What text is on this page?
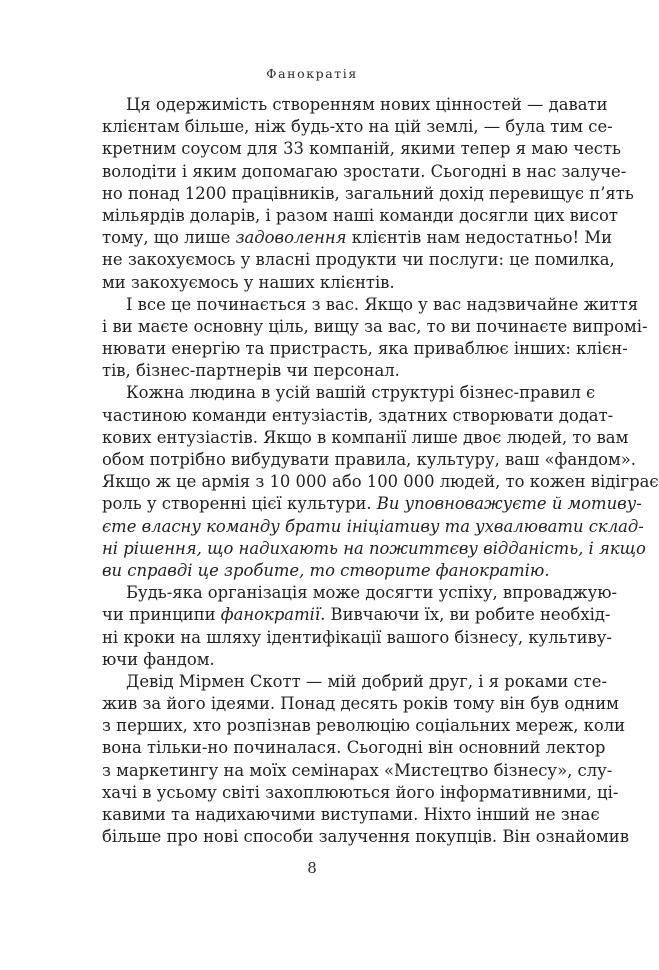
Фанократія
Ця одержимість створенням нових цінностей — давати
клієнтам більше, ніж будь-хто на цій землі, — була тим се-
кретним соусом для 33 компаній, якими тепер я маю честь
володіти і яким допомагаю зростати. Сьогодні в нас залуче-
но понад 1200 працівників, загальний дохід перевищує п’ять
мільярдів доларів, і разом наші команди досягли цих висот
тому, що лише задоволення клієнтів нам недостатньо! Ми
не закохуємось у власні продукти чи послуги: це помилка,
ми закохуємось у наших клієнтів.
І все це починається з вас. Якщо у вас надзвичайне життя
і ви маєте основну ціль, вищу за вас, то ви починаєте випромі-
нювати енергію та пристрасть, яка приваблює інших: клієн-
тів, бізнес-партнерів чи персонал.
Кожна людина в усій вашій структурі бізнес-правил є
частиною команди ентузіастів, здатних створювати додат-
кових ентузіастів. Якщо в компанії лише двоє людей, то вам
обом потрібно вибудувати правила, культуру, ваш «фандом».
Якщо ж це армія з 10 000 або 100 000 людей, то кожен відіграє
роль у створенні цієї культури. Ви уповноважуєте й мотиву-
єте власну команду брати ініціативу та ухвалювати склад-
ні рішення, що надихають на пожиттєву відданість, і якщо
ви справді це зробите, то створите фанократію.
Будь-яка організація може досягти успіху, впроваджую-
чи принципи фанократії. Вивчаючи їх, ви робите необхід-
ні кроки на шляху ідентифікації вашого бізнесу, культиву-
ючи фандом.
Девід Мірмен Скотт — мій добрий друг, і я роками сте-
жив за його ідеями. Понад десять років тому він був одним
з перших, хто розпізнав революцію соціальних мереж, коли
вона тільки-но починалася. Сьогодні він основний лектор
з маркетингу на моїх семінарах «Мистецтво бізнесу», слу-
хачі в усьому світі захоплюються його інформативними, ці-
кавими та надихаючими виступами. Ніхто інший не знає
більше про нові способи залучення покупців. Він ознайомив
8
